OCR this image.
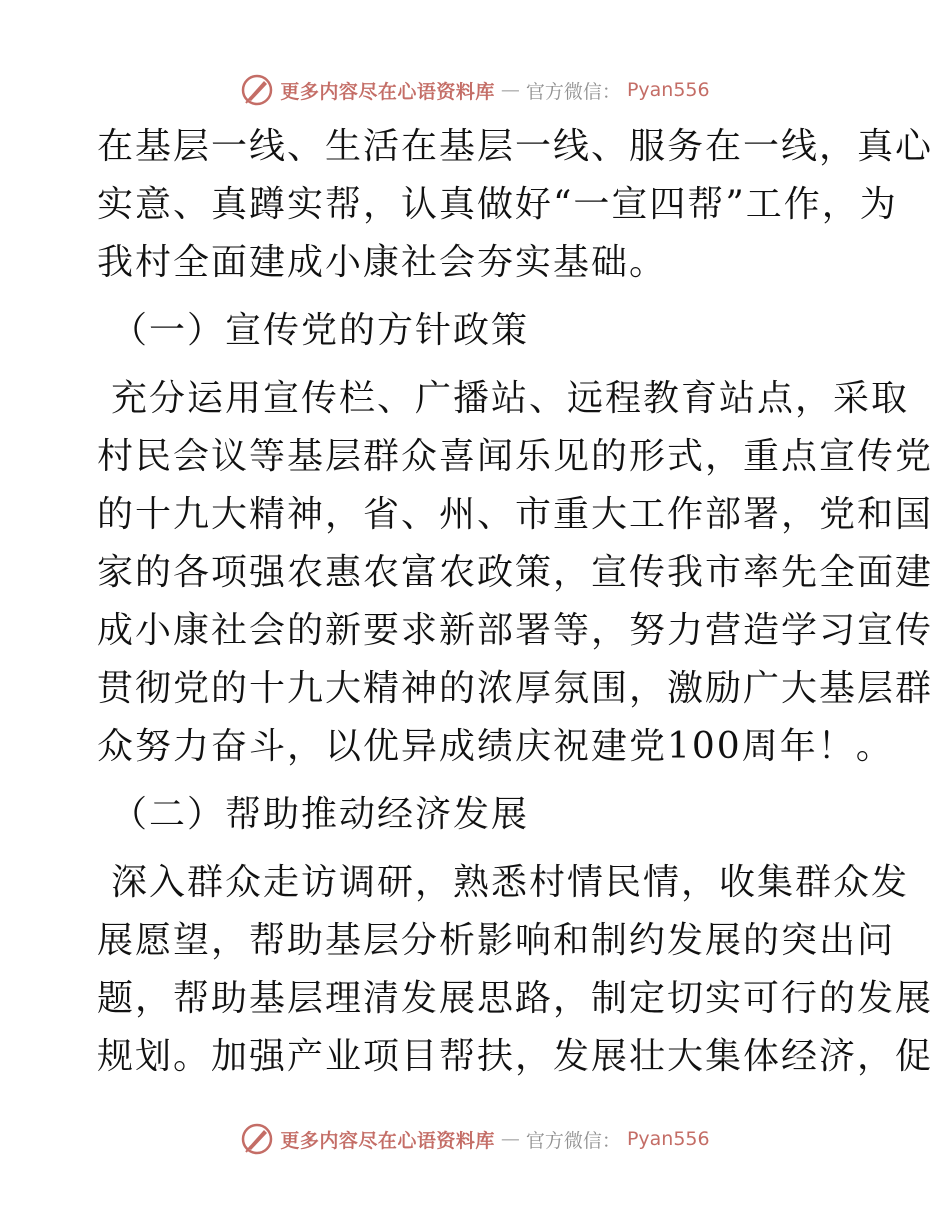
更多内容尽在心语资料库 — 官方微信： Pyan556
在基层一线、生活在基层一线、服务在一线，真心
实意、真蹲实帮，认真做好“一宣四帮”工作，为
我村全面建成小康社会夯实基础。
（一）宣传党的方针政策
充分运用宣传栏、广播站、远程教育站点，采取
村民会议等基层群众喜闻乐见的形式，重点宣传党
的十九大精神，省、州、市重大工作部署，党和国
家的各项强农惠农富农政策，宣传我市率先全面建
成小康社会的新要求新部署等，努力营造学习宣传
贯彻党的十九大精神的浓厚氛围，激励广大基层群
众努力奋斗，以优异成绩庆祝建党100周年！。
（二）帮助推动经济发展
深入群众走访调研，熟悉村情民情，收集群众发
展愿望，帮助基层分析影响和制约发展的突出问
题，帮助基层理清发展思路，制定切实可行的发展
规划。加强产业项目帮扶，发展壮大集体经济，促
更多内容尽在心语资料库 — 官方微信： Pyan556
